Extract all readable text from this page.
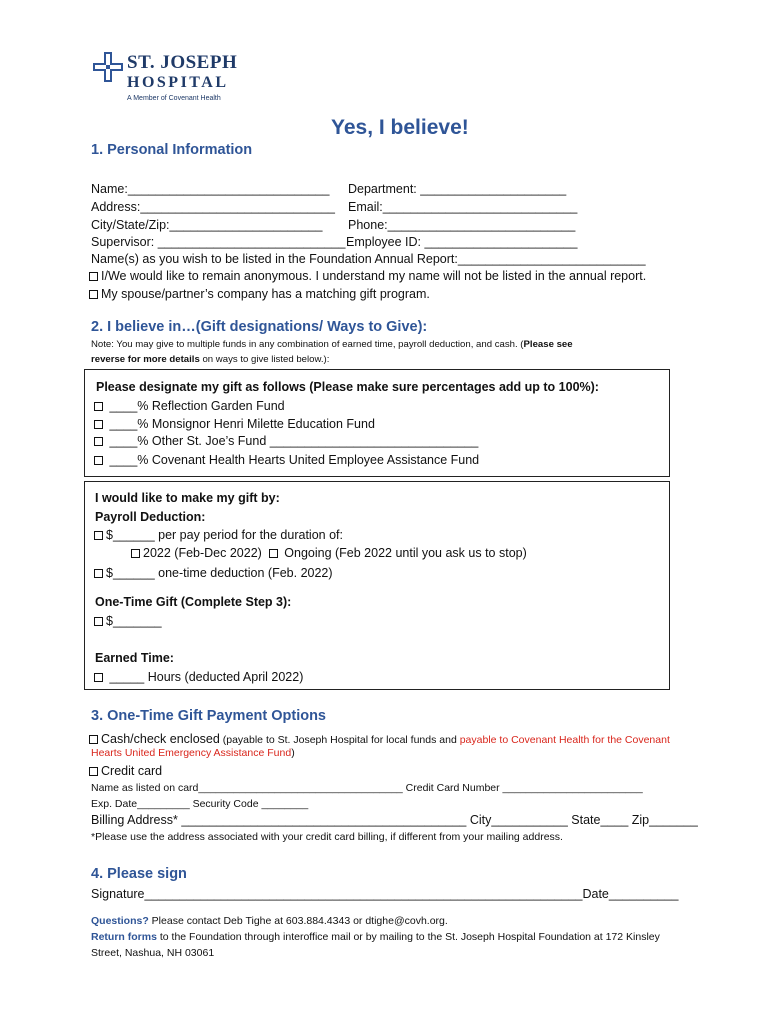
ST. JOSEPH
HOSPITAL
A Member of Covenant Health
Yes, I believe!
1. Personal Information
Name:_____________________________ Department: _____________________
Address:____________________________ Email:____________________________
City/State/Zip:______________________ Phone:___________________________
Supervisor: ___________________________ Employee ID: ______________________
Name(s) as you wish to be listed in the Foundation Annual Report:___________________________
I/We would like to remain anonymous. I understand my name will not be listed in the annual report.
My spouse/partner’s company has a matching gift program.
2. I believe in…(Gift designations/ Ways to Give):
Note: You may give to multiple funds in any combination of earned time, payroll deduction, and cash. (Please see
reverse for more details on ways to give listed below.):
Please designate my gift as follows (Please make sure percentages add up to 100%):
____% Reflection Garden Fund
____% Monsignor Henri Milette Education Fund
____% Other St. Joe’s Fund ______________________________
____% Covenant Health Hearts United Employee Assistance Fund
I would like to make my gift by:
Payroll Deduction:
$______ per pay period for the duration of:
2022 (Feb-Dec 2022) Ongoing (Feb 2022 until you ask us to stop)
$______ one-time deduction (Feb. 2022)
One-Time Gift (Complete Step 3):
$_______
Earned Time:
_____ Hours (deducted April 2022)
3. One-Time Gift Payment Options
Cash/check enclosed (payable to St. Joseph Hospital for local funds and payable to Covenant Health for the Covenant
Hearts United Emergency Assistance Fund)
Credit card
Name as listed on card___________________________________ Credit Card Number ________________________
Exp. Date_________ Security Code ________
Billing Address* _________________________________________ City___________ State____ Zip_______
*Please use the address associated with your credit card billing, if different from your mailing address.
4. Please sign
Signature_______________________________________________________________Date__________
Questions? Please contact Deb Tighe at 603.884.4343 or dtighe@covh.org.
Return forms to the Foundation through interoffice mail or by mailing to the St. Joseph Hospital Foundation at 172 Kinsley
Street, Nashua, NH 03061
